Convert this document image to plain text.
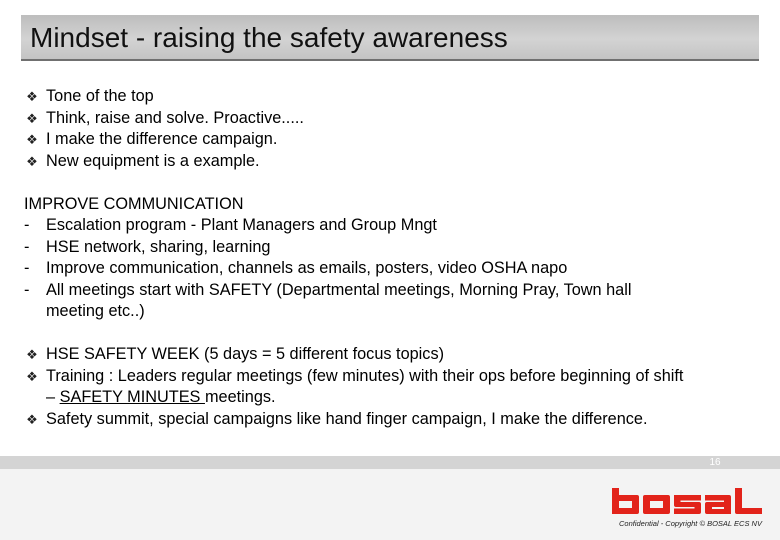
Mindset - raising the safety awareness
❖ Tone of the top
❖ Think, raise and solve. Proactive.....
❖ I make the difference campaign.
❖ New equipment is a example.
IMPROVE COMMUNICATION
- Escalation program - Plant Managers and Group Mngt
- HSE network, sharing, learning
- Improve communication, channels as emails, posters, video OSHA napo
- All meetings start with SAFETY (Departmental meetings, Morning Pray, Town hall
meeting etc..)
❖ HSE SAFETY WEEK (5 days = 5 different focus topics)
❖ Training : Leaders regular meetings (few minutes) with their ops before beginning of shift
– SAFETY MINUTES meetings.
❖ Safety summit, special campaigns like hand finger campaign, I make the difference.
16
Confidential - Copyright © BOSAL ECS NV
